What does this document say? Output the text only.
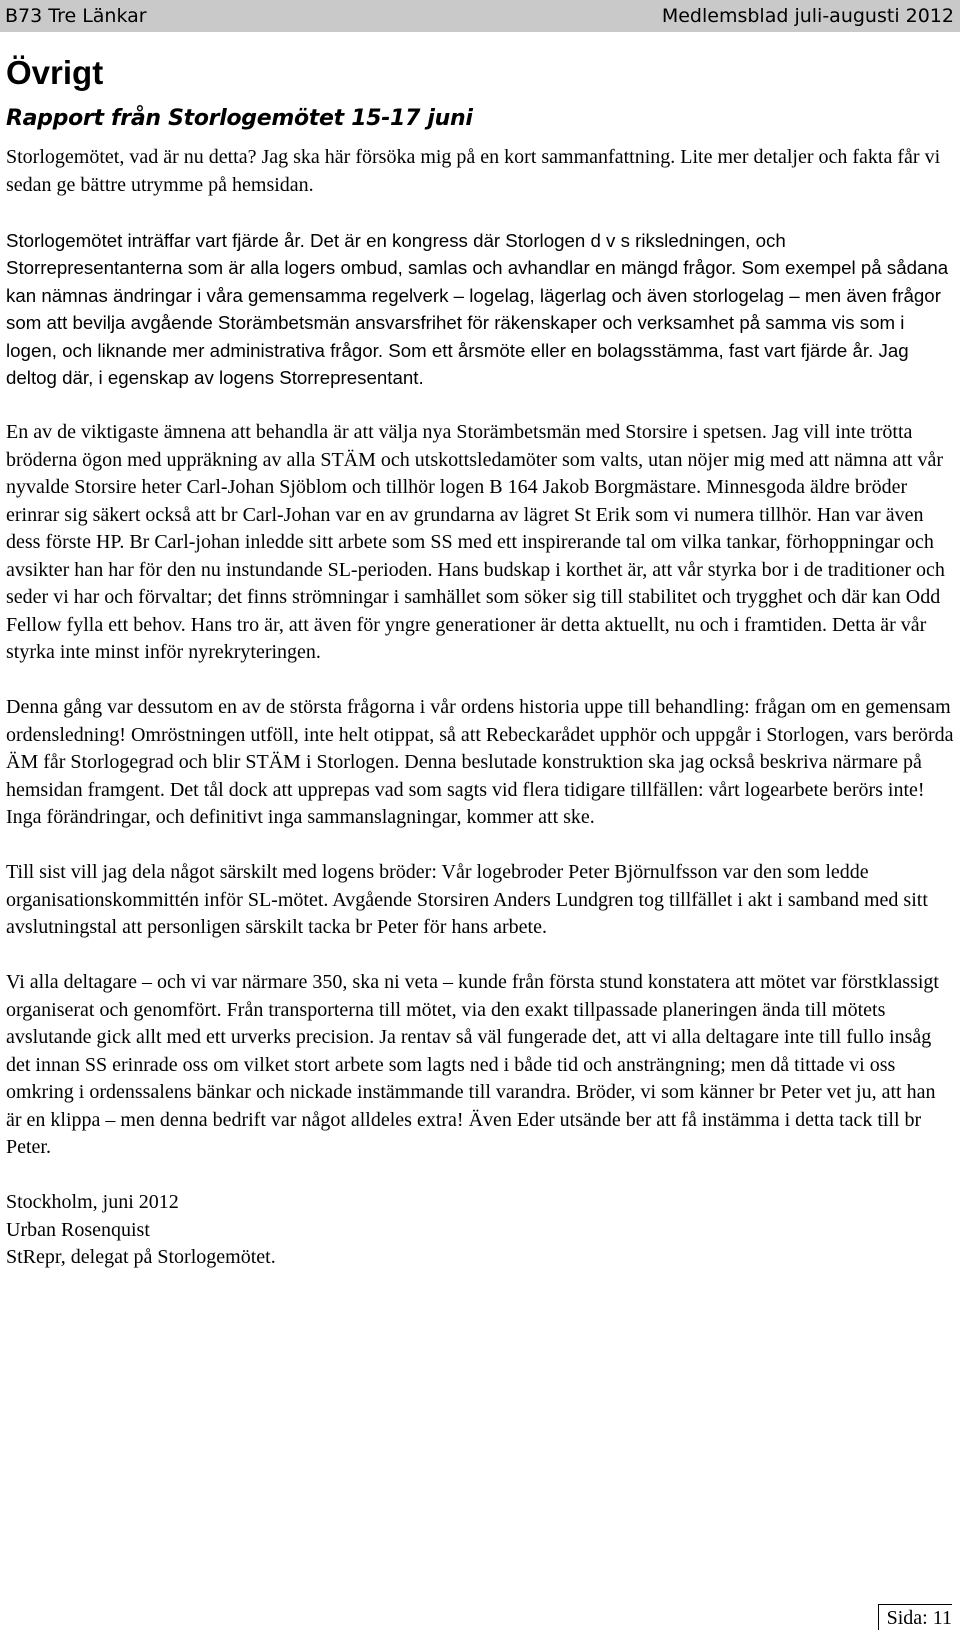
B73 Tre Länkar	Medlemsblad juli-augusti 2012
Övrigt
Rapport från Storlogemötet 15-17 juni

Storlogemötet, vad är nu detta? Jag ska här försöka mig på en kort sammanfattning. Lite mer detaljer och fakta får vi sedan ge bättre utrymme på hemsidan.

Storlogemötet inträffar vart fjärde år. Det är en kongress där Storlogen d v s riksledningen, och Storrepresentanterna som är alla logers ombud, samlas och avhandlar en mängd frågor. Som exempel på sådana kan nämnas ändringar i våra gemensamma regelverk – logelag, lägerlag och även storlogelag – men även frågor som att bevilja avgående Storämbetsmän ansvarsfrihet för räkenskaper och verksamhet på samma vis som i logen, och liknande mer administrativa frågor. Som ett årsmöte eller en bolagsstämma, fast vart fjärde år. Jag deltog där, i egenskap av logens Storrepresentant.

En av de viktigaste ämnena att behandla är att välja nya Storämbetsmän med Storsire i spetsen. Jag vill inte trötta bröderna ögon med uppräkning av alla STÄM och utskottsledamöter som valts, utan nöjer mig med att nämna att vår nyvalde Storsire heter Carl-Johan Sjöblom och tillhör logen B 164 Jakob Borgmästare. Minnesgoda äldre bröder erinrar sig säkert också att br Carl-Johan var en av grundarna av lägret St Erik som vi numera tillhör. Han var även dess förste HP. Br Carl-johan inledde sitt arbete som SS med ett inspirerande tal om vilka tankar, förhoppningar och avsikter han har för den nu instundande SL-perioden. Hans budskap i korthet är, att vår styrka bor i de traditioner och seder vi har och förvaltar; det finns strömningar i samhället som söker sig till stabilitet och trygghet och där kan Odd Fellow fylla ett behov. Hans tro är, att även för yngre generationer är detta aktuellt, nu och i framtiden. Detta är vår styrka inte minst inför nyrekryteringen.

Denna gång var dessutom en av de största frågorna i vår ordens historia uppe till behandling: frågan om en gemensam ordensledning! Omröstningen utföll, inte helt otippat, så att Rebeckarådet upphör och uppgår i Storlogen, vars berörda ÄM får Storlogegrad och blir STÄM i Storlogen. Denna beslutade konstruktion ska jag också beskriva närmare på hemsidan framgent. Det tål dock att upprepas vad som sagts vid flera tidigare tillfällen: vårt logearbete berörs inte! Inga förändringar, och definitivt inga sammanslagningar, kommer att ske.

Till sist vill jag dela något särskilt med logens bröder: Vår logebroder Peter Björnulfsson var den som ledde organisationskommittén inför SL-mötet. Avgående Storsiren Anders Lundgren tog tillfället i akt i samband med sitt avslutningstal att personligen särskilt tacka br Peter för hans arbete.

Vi alla deltagare – och vi var närmare 350, ska ni veta – kunde från första stund konstatera att mötet var förstklassigt organiserat och genomfört. Från transporterna till mötet, via den exakt tillpassade planeringen ända till mötets avslutande gick allt med ett urverks precision. Ja rentav så väl fungerade det, att vi alla deltagare inte till fullo insåg det innan SS erinrade oss om vilket stort arbete som lagts ned i både tid och ansträngning; men då tittade vi oss omkring i ordenssalens bänkar och nickade instämmande till varandra. Bröder, vi som känner br Peter vet ju, att han är en klippa – men denna bedrift var något alldeles extra! Även Eder utsände ber att få instämma i detta tack till br Peter.

Stockholm, juni 2012
Urban Rosenquist
StRepr, delegat på Storlogemötet.
Sida: 11
